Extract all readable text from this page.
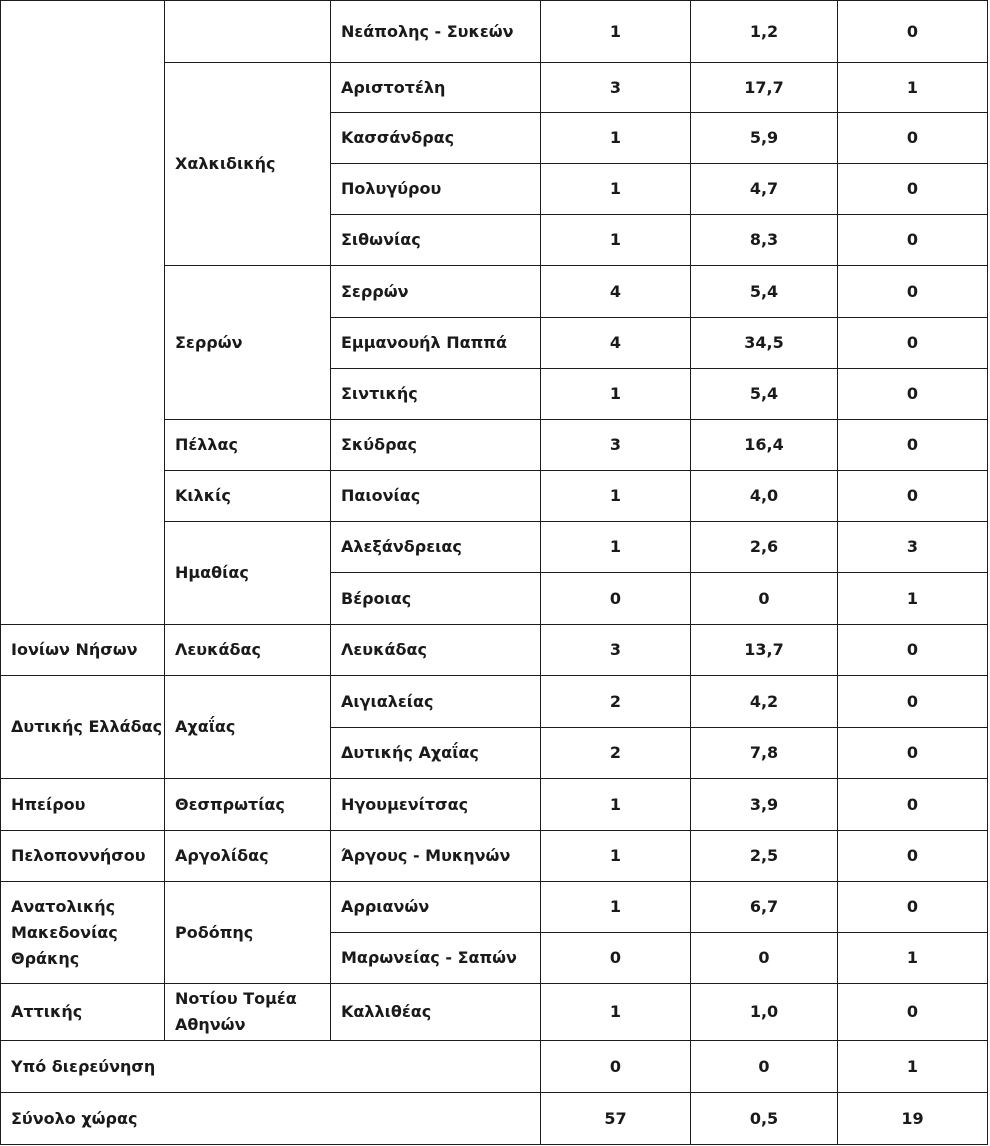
		Νεάπολης - Συκεών	1	1,2	0
	Χαλκιδικής	Αριστοτέλη	3	17,7	1
		Κασσάνδρας	1	5,9	0
		Πολυγύρου	1	4,7	0
		Σιθωνίας	1	8,3	0
	Σερρών	Σερρών	4	5,4	0
		Εμμανουήλ Παππά	4	34,5	0
		Σιντικής	1	5,4	0
	Πέλλας	Σκύδρας	3	16,4	0
	Κιλκίς	Παιονίας	1	4,0	0
	Ημαθίας	Αλεξάνδρειας	1	2,6	3
		Βέροιας	0	0	1
Ιονίων Νήσων	Λευκάδας	Λευκάδας	3	13,7	0
Δυτικής Ελλάδας	Αχαΐας	Αιγιαλείας	2	4,2	0
		Δυτικής Αχαΐας	2	7,8	0
Ηπείρου	Θεσπρωτίας	Ηγουμενίτσας	1	3,9	0
Πελοποννήσου	Αργολίδας	Άργους - Μυκηνών	1	2,5	0
Ανατολικής Μακεδονίας Θράκης	Ροδόπης	Αρριανών	1	6,7	0
		Μαρωνείας - Σαπών	0	0	1
Αττικής	Νοτίου Τομέα Αθηνών	Καλλιθέας	1	1,0	0
Υπό διερεύνηση			0	0	1
Σύνολο χώρας			57	0,5	19
